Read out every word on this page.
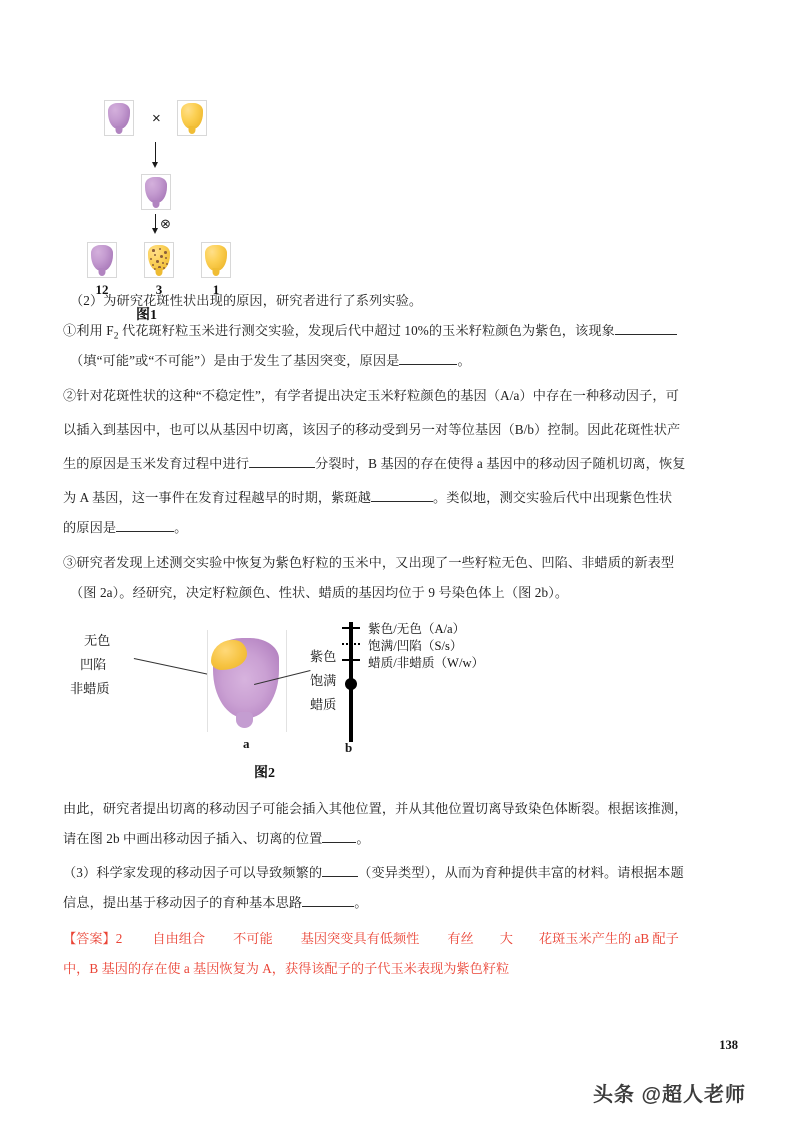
×
⊗
12	3	1
图1
（2）为研究花斑性状出现的原因，研究者进行了系列实验。
①利用 $F_2$ 代花斑籽粒玉米进行测交实验，发现后代中超过 10%的玉米籽粒颜色为紫色，该现象
（填“可能”或“不可能”）是由于发生了基因突变，原因是	。
②针对花斑性状的这种“不稳定性”，有学者提出决定玉米籽粒颜色的基因（A/a）中存在一种移动因子，可
以插入到基因中，也可以从基因中切离，该因子的移动受到另一对等位基因（B/b）控制。因此花斑性状产
生的原因是玉米发育过程中进行	分裂时，B 基因的存在使得 a 基因中的移动因子随机切离，恢复
为 A 基因，这一事件在发育过程越早的时期，紫斑越	。类似地，测交实验后代中出现紫色性状
的原因是	。
③研究者发现上述测交实验中恢复为紫色籽粒的玉米中，又出现了一些籽粒无色、凹陷、非蜡质的新表型
（图 2a）。经研究，决定籽粒颜色、性状、蜡质的基因均位于 9 号染色体上（图 2b）。
无色
凹陷
非蜡质
a
紫色
饱满
蜡质
b
紫色/无色（A/a）
饱满/凹陷（S/s）
蜡质/非蜡质（W/w）
图2
由此，研究者提出切离的移动因子可能会插入其他位置，并从其他位置切离导致染色体断裂。根据该推测，
请在图 2b 中画出移动因子插入、切离的位置	。
（3）科学家发现的移动因子可以导致频繁的	（变异类型），从而为育种提供丰富的材料。请根据本题
信息，提出基于移动因子的育种基本思路	。
【答案】2 自由组合 不可能 基因突变具有低频性 有丝 大 花斑玉米产生的 aB 配子
中，B 基因的存在使 a 基因恢复为 A，获得该配子的子代玉米表现为紫色籽粒
138
头条 @超人老师
